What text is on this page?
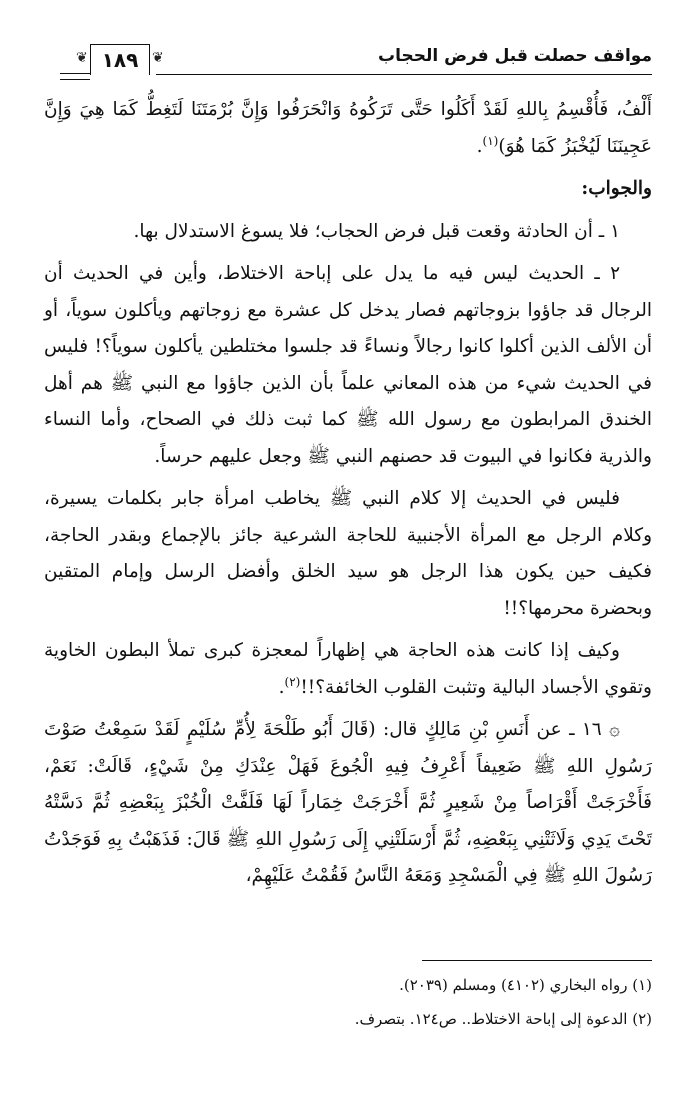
مواقف حصلت قبل فرض الحجاب
❦ ١٨٩ ❦

أَلْفُ، فَأُقْسِمُ بِاللهِ لَقَدْ أَكَلُوا حَتَّى تَرَكُوهُ وَانْحَرَفُوا وَإِنَّ بُرْمَتَنَا لَتَغِطُّ كَمَا هِيَ وَإِنَّ عَجِينَنَا لَيُخْبَزُ كَمَا هُوَ)$^{(١)}$.

والجواب:

١ ـ أن الحادثة وقعت قبل فرض الحجاب؛ فلا يسوغ الاستدلال بها.

٢ ـ الحديث ليس فيه ما يدل على إباحة الاختلاط، وأين في الحديث أن الرجال قد جاؤوا بزوجاتهم فصار يدخل كل عشرة مع زوجاتهم ويأكلون سوياً، أو أن الألف الذين أكلوا كانوا رجالاً ونساءً قد جلسوا مختلطين يأكلون سوياً؟! فليس في الحديث شيء من هذه المعاني علماً بأن الذين جاؤوا مع النبي ﷺ هم أهل الخندق المرابطون مع رسول الله ﷺ كما ثبت ذلك في الصحاح، وأما النساء والذرية فكانوا في البيوت قد حصنهم النبي ﷺ وجعل عليهم حرساً.

فليس في الحديث إلا كلام النبي ﷺ يخاطب امرأة جابر بكلمات يسيرة، وكلام الرجل مع المرأة الأجنبية للحاجة الشرعية جائز بالإجماع وبقدر الحاجة، فكيف حين يكون هذا الرجل هو سيد الخلق وأفضل الرسل وإمام المتقين وبحضرة محرمها؟!!

وكيف إذا كانت هذه الحاجة هي إظهاراً لمعجزة كبرى تملأ البطون الخاوية وتقوي الأجساد البالية وتثبت القلوب الخائفة؟!!$^{(٢)}$.

۞ ١٦ ـ عن أَنَسِ بْنِ مَالِكٍ قال: (قَالَ أَبُو طَلْحَةَ لِأُمِّ سُلَيْمٍ لَقَدْ سَمِعْتُ صَوْتَ رَسُولِ اللهِ ﷺ ضَعِيفاً أَعْرِفُ فِيهِ الْجُوعَ فَهَلْ عِنْدَكِ مِنْ شَيْءٍ، قَالَتْ: نَعَمْ، فَأَخْرَجَتْ أَقْرَاصاً مِنْ شَعِيرٍ ثُمَّ أَخْرَجَتْ خِمَاراً لَهَا فَلَفَّتْ الْخُبْزَ بِبَعْضِهِ ثُمَّ دَسَّتْهُ تَحْتَ يَدِي وَلَاثَتْنِي بِبَعْضِهِ، ثُمَّ أَرْسَلَتْنِي إِلَى رَسُولِ اللهِ ﷺ قَالَ: فَذَهَبْتُ بِهِ فَوَجَدْتُ رَسُولَ اللهِ ﷺ فِي الْمَسْجِدِ وَمَعَهُ النَّاسُ فَقُمْتُ عَلَيْهِمْ،

(١) رواه البخاري (٤١٠٢) ومسلم (٢٠٣٩).
(٢) الدعوة إلى إباحة الاختلاط.. ص١٢٤. بتصرف.
